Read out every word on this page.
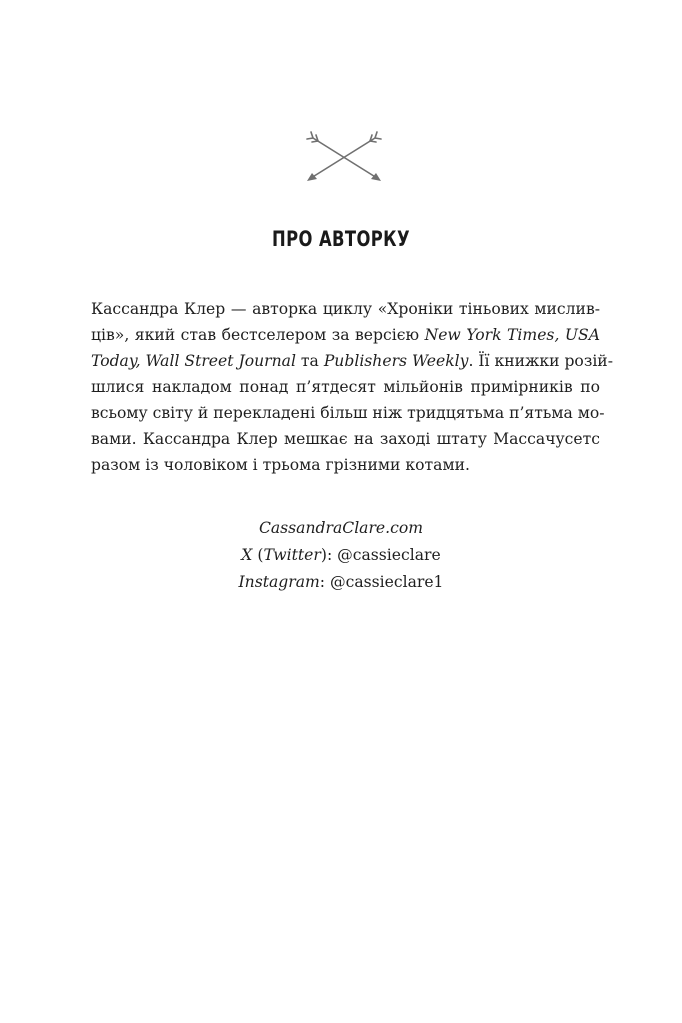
ПРО АВТОРКУ
Кассандра Клер — авторка циклу «Хроніки тіньових мислив-
ців», який став бестселером за версією New York Times, USA
Today, Wall Street Journal та Publishers Weekly. Її книжки розій-
шлися накладом понад п’ятдесят мільйонів примірників по
всьому світу й перекладені більш ніж тридцятьма п’ятьма мо-
вами. Кассандра Клер мешкає на заході штату Массачусетс
разом із чоловіком і трьома грізними котами.
CassandraClare.com
X (Twitter): @cassieclare
Instagram: @cassieclare1
